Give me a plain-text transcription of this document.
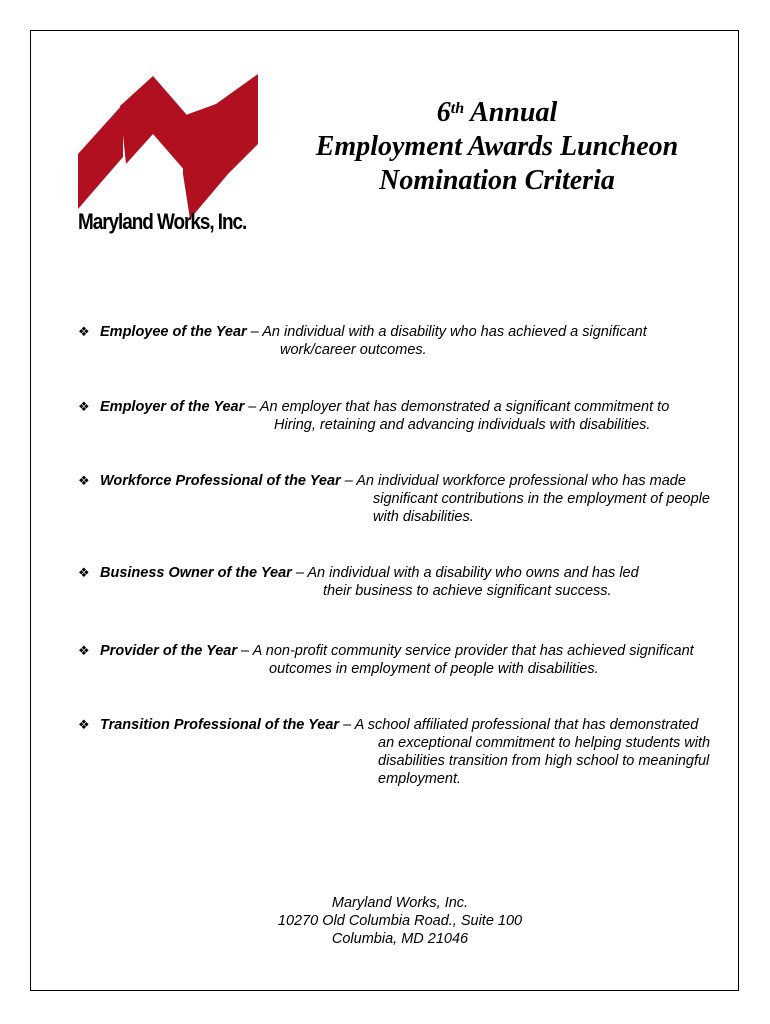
Maryland Works, Inc.
6th Annual
Employment Awards Luncheon
Nomination Criteria
❖ Employee of the Year – An individual with a disability who has achieved a significant
work/career outcomes.
❖ Employer of the Year – An employer that has demonstrated a significant commitment to
Hiring, retaining and advancing individuals with disabilities.
❖ Workforce Professional of the Year – An individual workforce professional who has made
significant contributions in the employment of people
with disabilities.
❖ Business Owner of the Year – An individual with a disability who owns and has led
their business to achieve significant success.
❖ Provider of the Year – A non-profit community service provider that has achieved significant
outcomes in employment of people with disabilities.
❖ Transition Professional of the Year – A school affiliated professional that has demonstrated
an exceptional commitment to helping students with
disabilities transition from high school to meaningful
employment.
Maryland Works, Inc.
10270 Old Columbia Road., Suite 100
Columbia, MD 21046
